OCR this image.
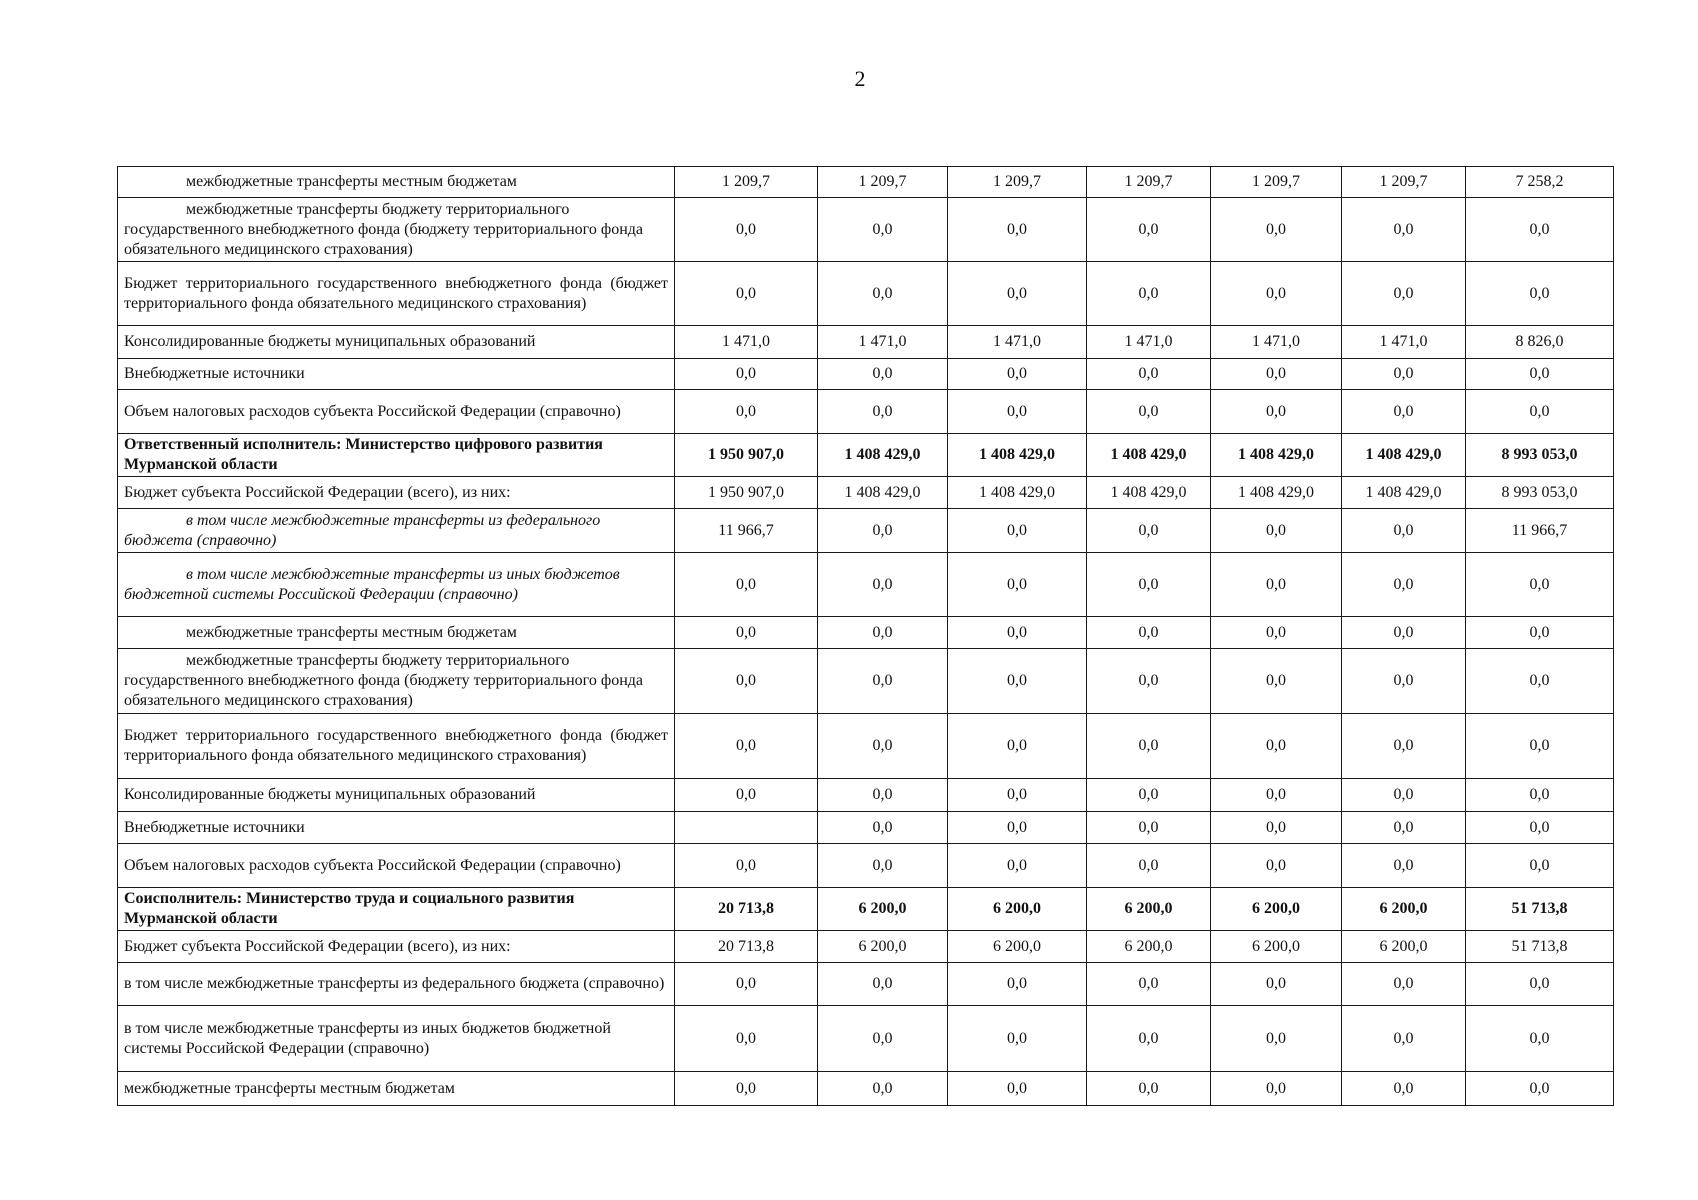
2
межбюджетные трансферты местным бюджетам	1 209,7	1 209,7	1 209,7	1 209,7	1 209,7	1 209,7	7 258,2
межбюджетные трансферты бюджету территориального государственного внебюджетного фонда (бюджету территориального фонда обязательного медицинского страхования)	0,0	0,0	0,0	0,0	0,0	0,0	0,0
Бюджет территориального государственного внебюджетного фонда (бюджет территориального фонда обязательного медицинского страхования)	0,0	0,0	0,0	0,0	0,0	0,0	0,0
Консолидированные бюджеты муниципальных образований	1 471,0	1 471,0	1 471,0	1 471,0	1 471,0	1 471,0	8 826,0
Внебюджетные источники	0,0	0,0	0,0	0,0	0,0	0,0	0,0
Объем налоговых расходов субъекта Российской Федерации (справочно)	0,0	0,0	0,0	0,0	0,0	0,0	0,0
Ответственный исполнитель: Министерство цифрового развития Мурманской области	1 950 907,0	1 408 429,0	1 408 429,0	1 408 429,0	1 408 429,0	1 408 429,0	8 993 053,0
Бюджет субъекта Российской Федерации (всего), из них:	1 950 907,0	1 408 429,0	1 408 429,0	1 408 429,0	1 408 429,0	1 408 429,0	8 993 053,0
в том числе межбюджетные трансферты из федерального бюджета (справочно)	11 966,7	0,0	0,0	0,0	0,0	0,0	11 966,7
в том числе межбюджетные трансферты из иных бюджетов бюджетной системы Российской Федерации (справочно)	0,0	0,0	0,0	0,0	0,0	0,0	0,0
межбюджетные трансферты местным бюджетам	0,0	0,0	0,0	0,0	0,0	0,0	0,0
межбюджетные трансферты бюджету территориального государственного внебюджетного фонда (бюджету территориального фонда обязательного медицинского страхования)	0,0	0,0	0,0	0,0	0,0	0,0	0,0
Бюджет территориального государственного внебюджетного фонда (бюджет территориального фонда обязательного медицинского страхования)	0,0	0,0	0,0	0,0	0,0	0,0	0,0
Консолидированные бюджеты муниципальных образований	0,0	0,0	0,0	0,0	0,0	0,0	0,0
Внебюджетные источники		0,0	0,0	0,0	0,0	0,0	0,0
Объем налоговых расходов субъекта Российской Федерации (справочно)	0,0	0,0	0,0	0,0	0,0	0,0	0,0
Соисполнитель: Министерство труда и социального развития Мурманской области	20 713,8	6 200,0	6 200,0	6 200,0	6 200,0	6 200,0	51 713,8
Бюджет субъекта Российской Федерации (всего), из них:	20 713,8	6 200,0	6 200,0	6 200,0	6 200,0	6 200,0	51 713,8
в том числе межбюджетные трансферты из федерального бюджета (справочно)	0,0	0,0	0,0	0,0	0,0	0,0	0,0
в том числе межбюджетные трансферты из иных бюджетов бюджетной системы Российской Федерации (справочно)	0,0	0,0	0,0	0,0	0,0	0,0	0,0
межбюджетные трансферты местным бюджетам	0,0	0,0	0,0	0,0	0,0	0,0	0,0
